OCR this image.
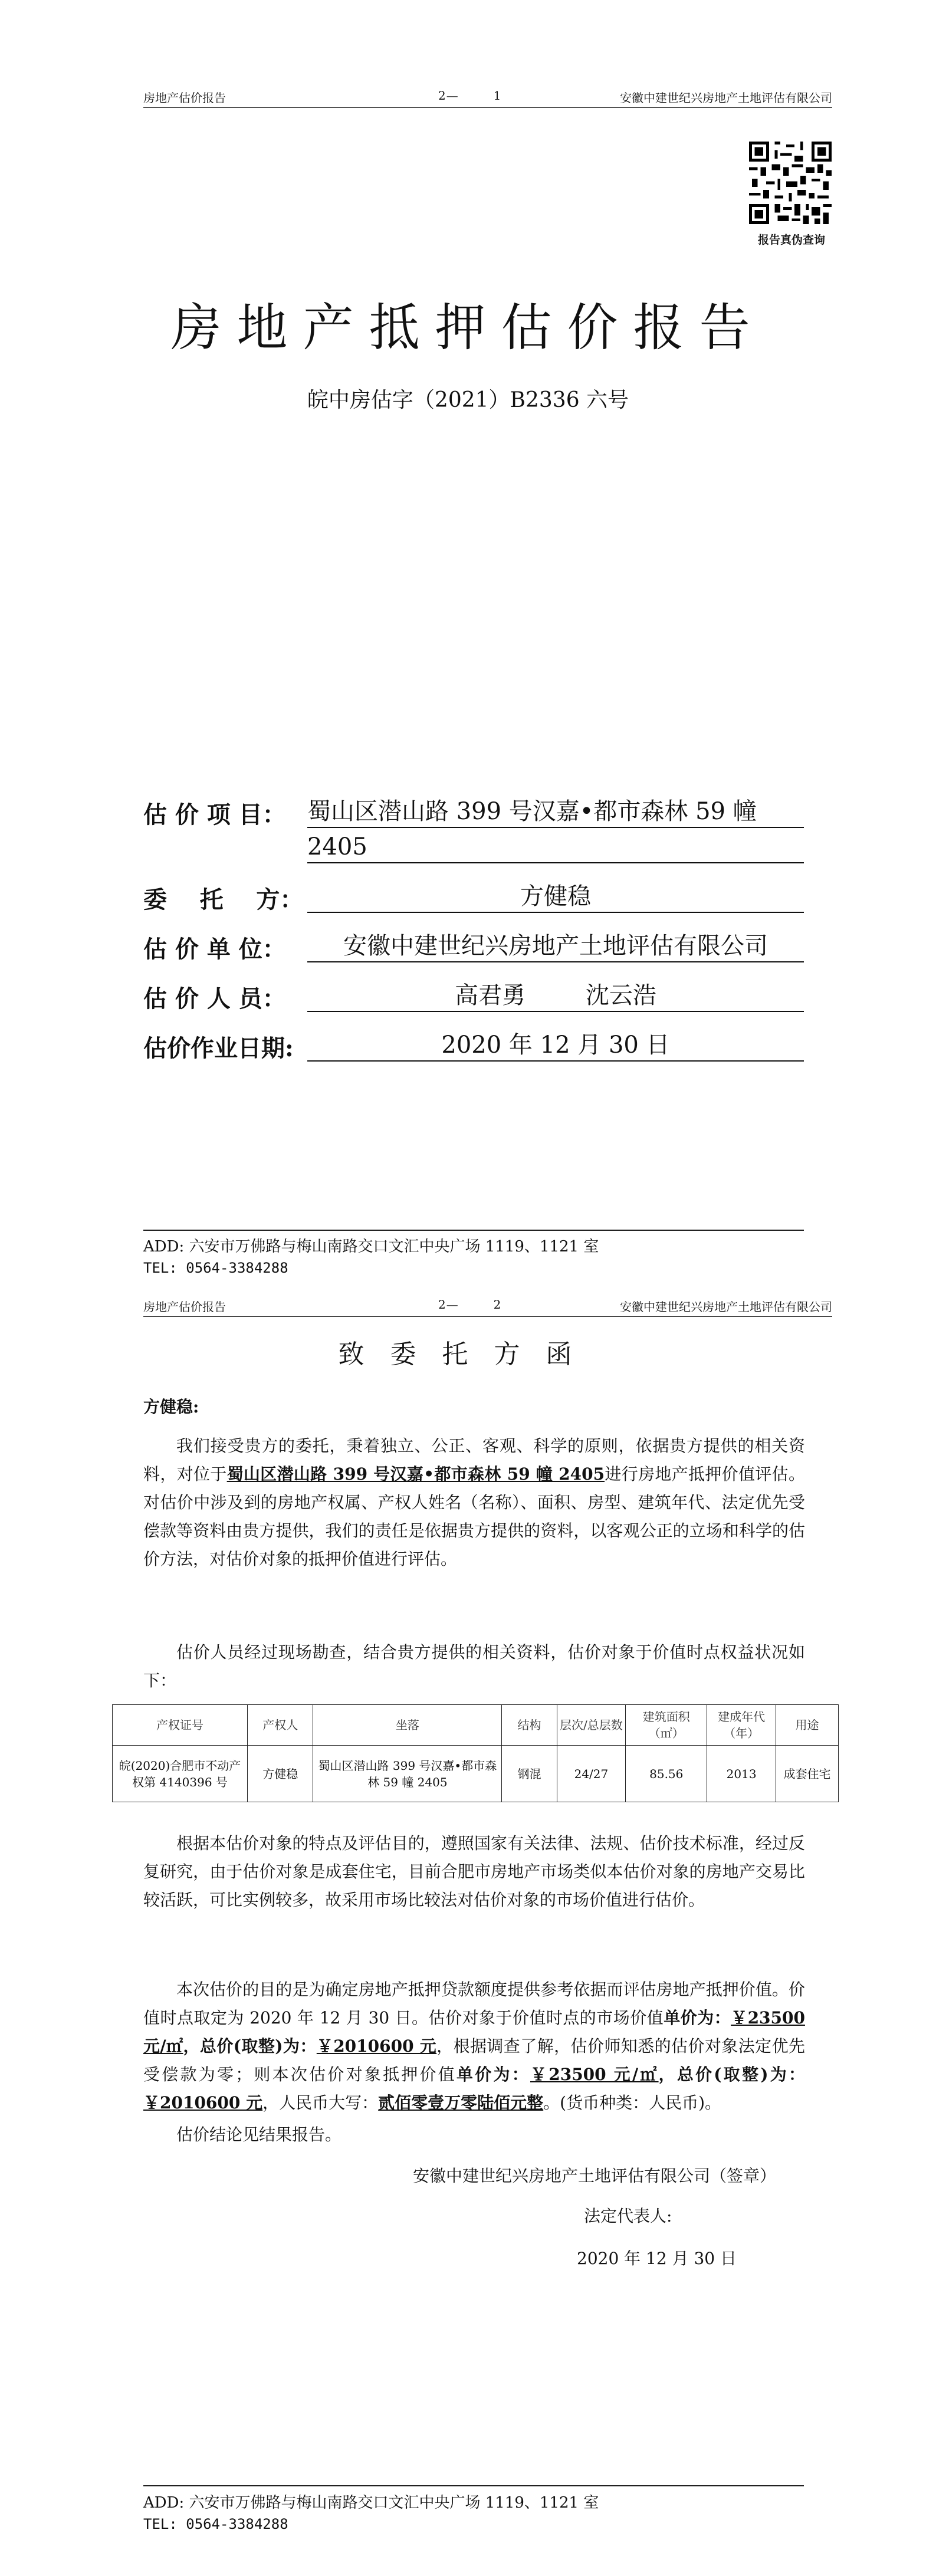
房地产估价报告	2—        1	安徽中建世纪兴房地产土地评估有限公司
报告真伪查询
房地产抵押估价报告
皖中房估字（2021）B2336 六号
估 价 项 目： 蜀山区潜山路 399 号汉嘉•都市森林 59 幢
2405
委    托    方：	方健稳
估 价 单 位：	安徽中建世纪兴房地产土地评估有限公司
估 价 人 员：	高君勇        沈云浩
估价作业日期:	2020 年 12 月 30 日
ADD: 六安市万佛路与梅山南路交口文汇中央广场 1119、1121 室
TEL: 0564-3384288
房地产估价报告	2—        2	安徽中建世纪兴房地产土地评估有限公司
致委托方函
方健稳:

我们接受贵方的委托，秉着独立、公正、客观、科学的原则，依据贵方提供的相关资料，对位于蜀山区潜山路 399 号汉嘉•都市森林 59 幢 2405进行房地产抵押价值评估。对估价中涉及到的房地产权属、产权人姓名（名称）、面积、房型、建筑年代、法定优先受偿款等资料由贵方提供，我们的责任是依据贵方提供的资料，以客观公正的立场和科学的估价方法，对估价对象的抵押价值进行评估。

估价人员经过现场勘查，结合贵方提供的相关资料，估价对象于价值时点权益状况如下：

产权证号	产权人	坐落	结构	层次/总层数	建筑面积（㎡）	建成年代（年）	用途
皖(2020)合肥市不动产权第 4140396 号	方健稳	蜀山区潜山路 399 号汉嘉•都市森林 59 幢 2405	钢混	24/27	85.56	2013	成套住宅

根据本估价对象的特点及评估目的，遵照国家有关法律、法规、估价技术标准，经过反复研究，由于估价对象是成套住宅，目前合肥市房地产市场类似本估价对象的房地产交易比较活跃，可比实例较多，故采用市场比较法对估价对象的市场价值进行估价。

本次估价的目的是为确定房地产抵押贷款额度提供参考依据而评估房地产抵押价值。价值时点取定为 2020 年 12 月 30 日。估价对象于价值时点的市场价值单价为：￥23500 元/㎡，总价(取整)为：￥2010600 元，根据调查了解，估价师知悉的估价对象法定优先受偿款为零；则本次估价对象抵押价值单价为：￥23500 元/㎡，总价(取整)为：￥2010600 元，人民币大写：贰佰零壹万零陆佰元整。(货币种类：人民币)。

估价结论见结果报告。

安徽中建世纪兴房地产土地评估有限公司（签章）
法定代表人:
2020 年 12 月 30 日
ADD: 六安市万佛路与梅山南路交口文汇中央广场 1119、1121 室
TEL: 0564-3384288
